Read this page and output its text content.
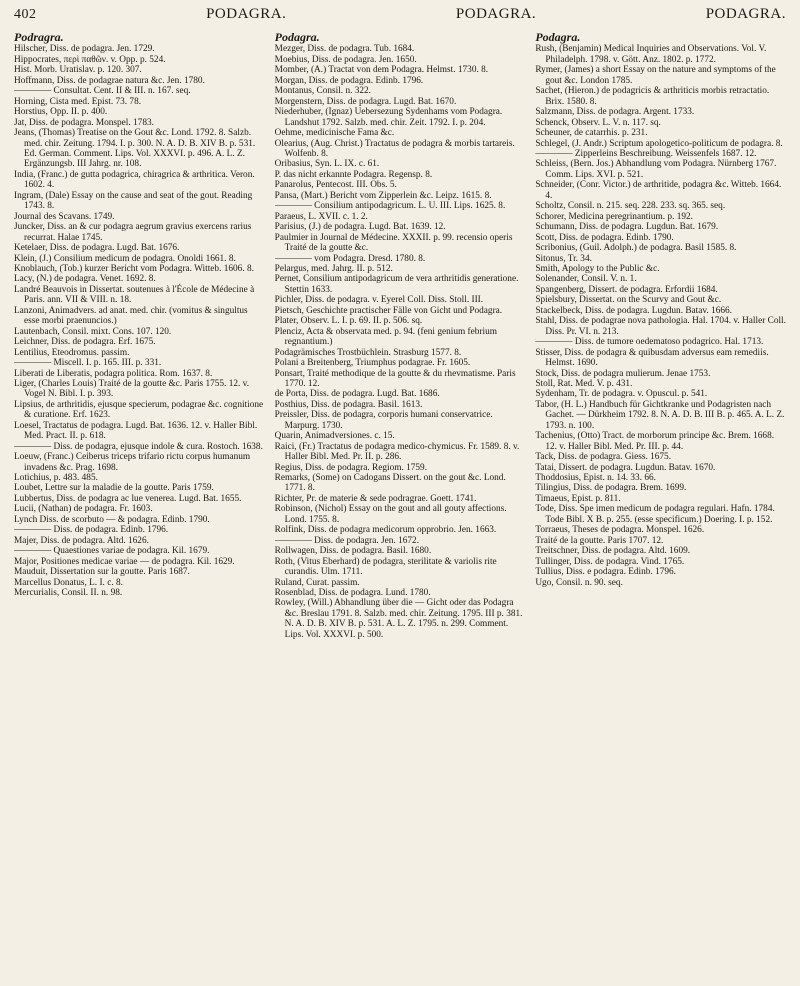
402	PODAGRA.	PODAGRA.	PODAGRA.
Podragra.

Hilscher, Diss. de podagra. Jen. 1729.

Hippocrates, περὶ παθῶν. v. Opp. p. 524.

Hist. Morb. Uratislav. p. 120. 307.

Hoffmann, Diss. de podagrae natura &c. Jen. 1780.

———— Consultat. Cent. II & III. n. 167. seq.

Horning, Cista med. Epist. 73. 78.

Horstius, Opp. II. p. 400.

Jat, Diss. de podagra. Monspel. 1783.

Jeans, (Thomas) Treatise on the Gout &c. Lond. 1792. 8. Salzb. med. chir. Zeitung. 1794. I. p. 300. N. A. D. B. XIV B. p. 531. Ed. German. Comment. Lips. Vol. XXXVI. p. 496. A. L. Z. Ergänzungsb. III Jahrg. nr. 108.

India, (Franc.) de gutta podagrica, chiragrica & arthritica. Veron. 1602. 4.

Ingram, (Dale) Essay on the cause and seat of the gout. Reading 1743. 8.

Journal des Scavans. 1749.

Juncker, Diss. an & cur podagra aegrum gravius exercens rarius recurrat. Halae 1745.

Ketelaer, Diss. de podagra. Lugd. Bat. 1676.

Klein, (J.) Consilium medicum de podagra. Onoldi 1661. 8.

Knoblauch, (Tob.) kurzer Bericht vom Podagra. Witteb. 1606. 8.

Lacy, (N.) de podagra. Venet. 1692. 8.

Landré Beauvois in Dissertat. soutenues à l'École de Médecine à Paris. ann. VII & VIII. n. 18.

Lanzoni, Animadvers. ad anat. med. chir. (vomitus & singultus esse morbi praenuncios.)

Lautenbach, Consil. mixt. Cons. 107. 120.

Leichner, Diss. de podagra. Erf. 1675.

Lentilius, Eteodromus. passim.

———— Miscell. I. p. 165. III. p. 331.

Liberati de Liberatis, podagra politica. Rom. 1637. 8.

Liger, (Charles Louis) Traité de la goutte &c. Paris 1755. 12. v. Vogel N. Bibl. I. p. 393.

Lipsius, de arthritidis, ejusque specierum, podagrae &c. cognitione & curatione. Erf. 1623.

Loesel, Tractatus de podagra. Lugd. Bat. 1636. 12. v. Haller Bibl. Med. Pract. II. p. 618.

———— Diss. de podagra, ejusque indole & cura. Rostoch. 1638.

Loeuw, (Franc.) Ceiberus triceps trifario rictu corpus humanum invadens &c. Prag. 1698.

Lotichius, p. 483. 485.

Loubet, Lettre sur la maladie de la goutte. Paris 1759.

Lubbertus, Diss. de podagra ac lue venerea. Lugd. Bat. 1655.

Lucii, (Nathan) de podagra. Fr. 1603.

Lynch Diss. de scorbuto — & podagra. Edinb. 1790.

———— Diss. de podagra. Edinb. 1796.

Majer, Diss. de podagra. Altd. 1626.

———— Quaestiones variae de podagra. Kil. 1679.

Major, Positiones medicae variae — de podagra. Kil. 1629.

Mauduit, Dissertation sur la goutte. Paris 1687.

Marcellus Donatus, L. I. c. 8.

Mercurialis, Consil. II. n. 98.

Podagra.

Mezger, Diss. de podagra. Tub. 1684.

Moebius, Diss. de podagra. Jen. 1650.

Momber, (A.) Tractat von dem Podagra. Helmst. 1730. 8.

Morgan, Diss. de podagra. Edinb. 1796.

Montanus, Consil. n. 322.

Morgenstern, Diss. de podagra. Lugd. Bat. 1670.

Niederhuber, (Ignaz) Uebersezung Sydenhams vom Podagra. Landshut 1792. Salzb. med. chir. Zeit. 1792. I. p. 204.

Oehme, medicinische Fama &c.

Olearius, (Aug. Christ.) Tractatus de podagra & morbis tartareis. Wolfenb. 8.

Oribasius, Syn. L. IX. c. 61.

P. das nicht erkannte Podagra. Regensp. 8.

Panarolus, Pentecost. III. Obs. 5.

Pansa, (Mart.) Bericht vom Zipperlein &c. Leipz. 1615. 8.

———— Consilium antipodagricum. L. U. III. Lips. 1625. 8.

Paraeus, L. XVII. c. 1. 2.

Parisius, (J.) de podagra. Lugd. Bat. 1639. 12.

Paulmier in Journal de Médecine. XXXII. p. 99. recensio operis Traité de la goutte &c.

———— vom Podagra. Dresd. 1780. 8.

Pelargus, med. Jahrg. II. p. 512.

Pernet, Consilium antipodagricum de vera arthritidis generatione. Stettin 1633.

Pichler, Diss. de podagra. v. Eyerel Coll. Diss. Stoll. III.

Pietsch, Geschichte practischer Fälle von Gicht und Podagra.

Plater, Observ. L. I. p. 69. II. p. 506. sq.

Plenciz, Acta & observata med. p. 94. (feni genium febrium regnantium.)

Podagrämisches Trostbüchlein. Strasburg 1577. 8.

Polani a Breitenberg, Triumphus podagrae. Fr. 1605.

Ponsart, Traité methodique de la goutte & du rhevmatisme. Paris 1770. 12.

de Porta, Diss. de podagra. Lugd. Bat. 1686.

Posthius, Diss. de podagra. Basil. 1613.

Preissler, Diss. de podagra, corporis humani conservatrice. Marpurg. 1730.

Quarin, Animadversiones. c. 15.

Raici, (Fr.) Tractatus de podagra medico-chymicus. Fr. 1589. 8. v. Haller Bibl. Med. Pr. II. p. 286.

Regius, Diss. de podagra. Regiom. 1759.

Remarks, (Some) on Cadogans Dissert. on the gout &c. Lond. 1771. 8.

Richter, Pr. de materie & sede podragrae. Goett. 1741.

Robinson, (Nichol) Essay on the gout and all gouty affections. Lond. 1755. 8.

Rolfink, Diss. de podagra medicorum opprobrio. Jen. 1663.

———— Diss. de podagra. Jen. 1672.

Rollwagen, Diss. de podagra. Basil. 1680.

Roth, (Vitus Eberhard) de podagra, sterilitate & variolis rite curandis. Ulm. 1711.

Ruland, Curat. passim.

Rosenblad, Diss. de podagra. Lund. 1780.

Rowley, (Will.) Abhandlung über die — Gicht oder das Podagra &c. Breslau 1791. 8. Salzb. med. chir. Zeitung. 1795. III p. 381. N. A. D. B. XIV B. p. 531. A. L. Z. 1795. n. 299. Comment. Lips. Vol. XXXVI. p. 500.

Podagra.

Rush, (Benjamin) Medical Inquiries and Observations. Vol. V. Philadelph. 1798. v. Gött. Anz. 1802. p. 1772.

Rymer, (James) a short Essay on the nature and symptoms of the gout &c. London 1785.

Sachet, (Hieron.) de podagricis & arthriticis morbis retractatio. Brix. 1580. 8.

Salzmann, Diss. de podagra. Argent. 1733.

Schenck, Observ. L. V. n. 117. sq.

Scheuner, de catarrhis. p. 231.

Schlegel, (J. Andr.) Scriptum apologetico-politicum de podagra. 8.

———— Zipperleins Beschreibung. Weissenfels 1687. 12.

Schleiss, (Bern. Jos.) Abhandlung vom Podagra. Nürnberg 1767. Comm. Lips. XVI. p. 521.

Schneider, (Conr. Victor.) de arthritide, podagra &c. Witteb. 1664. 4.

Scholtz, Consil. n. 215. seq. 228. 233. sq. 365. seq.

Schorer, Medicina peregrinantium. p. 192.

Schumann, Diss. de podagra. Lugdun. Bat. 1679.

Scott, Diss. de podagra. Edinb. 1790.

Scribonius, (Guil. Adolph.) de podagra. Basil 1585. 8.

Sitonus, Tr. 34.

Smith, Apology to the Public &c.

Solenander, Consil. V. n. 1.

Spangenberg, Dissert. de podagra. Erfordii 1684.

Spielsbury, Dissertat. on the Scurvy and Gout &c.

Stackelbeck, Diss. de podagra. Lugdun. Batav. 1666.

Stahl, Diss. de podagrae nova pathologia. Hal. 1704. v. Haller Coll. Diss. Pr. VI. n. 213.

———— Diss. de tumore oedematoso podagrico. Hal. 1713.

Stisser, Diss. de podagra & quibusdam adversus eam remediis. Helmst. 1690.

Stock, Diss. de podagra mulierum. Jenae 1753.

Stoll, Rat. Med. V. p. 431.

Sydenham, Tr. de podagra. v. Opuscul. p. 541.

Tabor, (H. L.) Handbuch für Gichtkranke und Podagristen nach Gachet. — Dürkheim 1792. 8. N. A. D. B. III B. p. 465. A. L. Z. 1793. n. 100.

Tachenius, (Otto) Tract. de morborum principe &c. Brem. 1668. 12. v. Haller Bibl. Med. Pr. III. p. 44.

Tack, Diss. de podagra. Giess. 1675.

Tatai, Dissert. de podagra. Lugdun. Batav. 1670.

Thoddosius, Epist. n. 14. 33. 66.

Tilingius, Diss. de podagra. Brem. 1699.

Timaeus, Epist. p. 811.

Tode, Diss. Spe imen medicum de podagra regulari. Hafn. 1784. Tode Bibl. X B. p. 255. (esse specificum.) Doering. I. p. 152.

Torraeus, Theses de podagra. Monspel. 1626.

Traité de la goutte. Paris 1707. 12.

Treitschner, Diss. de podagra. Altd. 1609.

Tullinger, Diss. de podagra. Vind. 1765.

Tullius, Diss. e podagra. Edinb. 1796.

Ugo, Consil. n. 90. seq.
